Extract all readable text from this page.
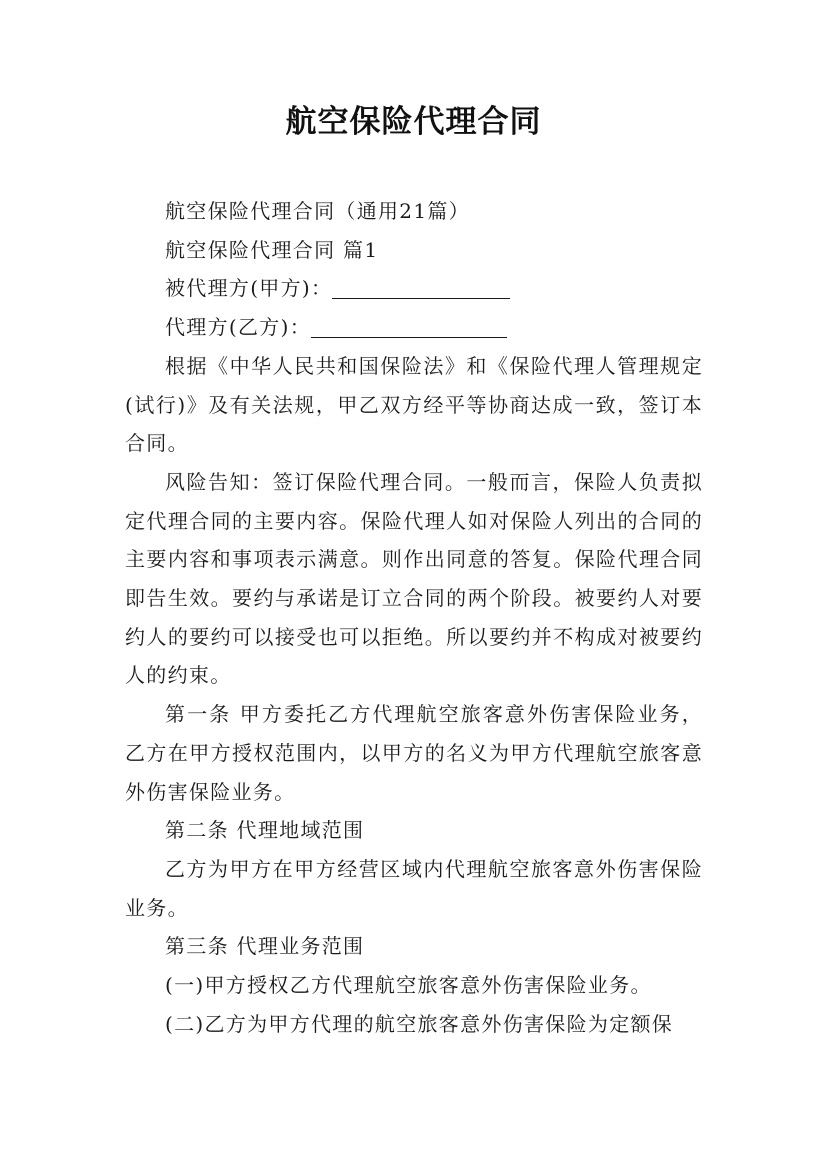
航空保险代理合同

航空保险代理合同（通用21篇）

航空保险代理合同 篇1

被代理方(甲方)：

代理方(乙方)：

根据《中华人民共和国保险法》和《保险代理人管理规定(试行)》及有关法规，甲乙双方经平等协商达成一致，签订本合同。

风险告知：签订保险代理合同。一般而言，保险人负责拟定代理合同的主要内容。保险代理人如对保险人列出的合同的主要内容和事项表示满意。则作出同意的答复。保险代理合同即告生效。要约与承诺是订立合同的两个阶段。被要约人对要约人的要约可以接受也可以拒绝。所以要约并不构成对被要约人的约束。

第一条 甲方委托乙方代理航空旅客意外伤害保险业务，乙方在甲方授权范围内，以甲方的名义为甲方代理航空旅客意外伤害保险业务。

第二条 代理地域范围

乙方为甲方在甲方经营区域内代理航空旅客意外伤害保险业务。

第三条 代理业务范围

(一)甲方授权乙方代理航空旅客意外伤害保险业务。

(二)乙方为甲方代理的航空旅客意外伤害保险为定额保
